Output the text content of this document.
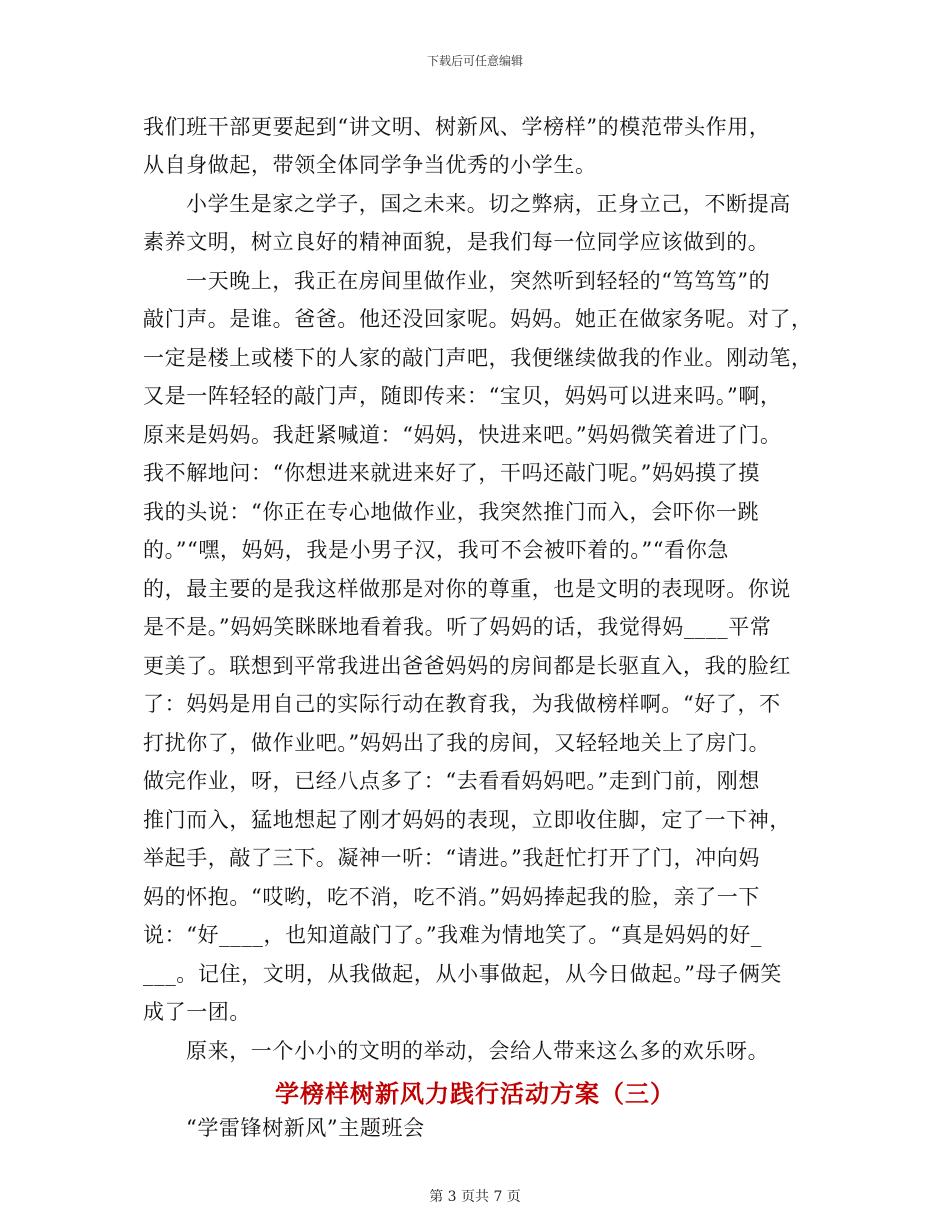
下载后可任意编辑
我们班干部更要起到“讲文明、树新风、学榜样”的模范带头作用，
从自身做起，带领全体同学争当优秀的小学生。
小学生是家之学子，国之未来。切之弊病，正身立己，不断提高
素养文明，树立良好的精神面貌，是我们每一位同学应该做到的。
一天晚上，我正在房间里做作业，突然听到轻轻的“笃笃笃”的
敲门声。是谁。爸爸。他还没回家呢。妈妈。她正在做家务呢。对了，
一定是楼上或楼下的人家的敲门声吧，我便继续做我的作业。刚动笔，
又是一阵轻轻的敲门声，随即传来：“宝贝，妈妈可以进来吗。”啊，
原来是妈妈。我赶紧喊道：“妈妈，快进来吧。”妈妈微笑着进了门。
我不解地问：“你想进来就进来好了，干吗还敲门呢。”妈妈摸了摸
我的头说：“你正在专心地做作业，我突然推门而入，会吓你一跳
的。”“嘿，妈妈，我是小男子汉，我可不会被吓着的。”“看你急
的，最主要的是我这样做那是对你的尊重，也是文明的表现呀。你说
是不是。”妈妈笑眯眯地看着我。听了妈妈的话，我觉得妈____平常
更美了。联想到平常我进出爸爸妈妈的房间都是长驱直入，我的脸红
了：妈妈是用自己的实际行动在教育我，为我做榜样啊。“好了，不
打扰你了，做作业吧。”妈妈出了我的房间，又轻轻地关上了房门。
做完作业，呀，已经八点多了：“去看看妈妈吧。”走到门前，刚想
推门而入，猛地想起了刚才妈妈的表现，立即收住脚，定了一下神，
举起手，敲了三下。凝神一听：“请进。”我赶忙打开了门，冲向妈
妈的怀抱。“哎哟，吃不消，吃不消。”妈妈捧起我的脸，亲了一下
说：“好____，也知道敲门了。”我难为情地笑了。“真是妈妈的好_
___。记住，文明，从我做起，从小事做起，从今日做起。”母子俩笑
成了一团。
原来，一个小小的文明的举动，会给人带来这么多的欢乐呀。
学榜样树新风力践行活动方案（三）
“学雷锋树新风”主题班会
第 3 页共 7 页
